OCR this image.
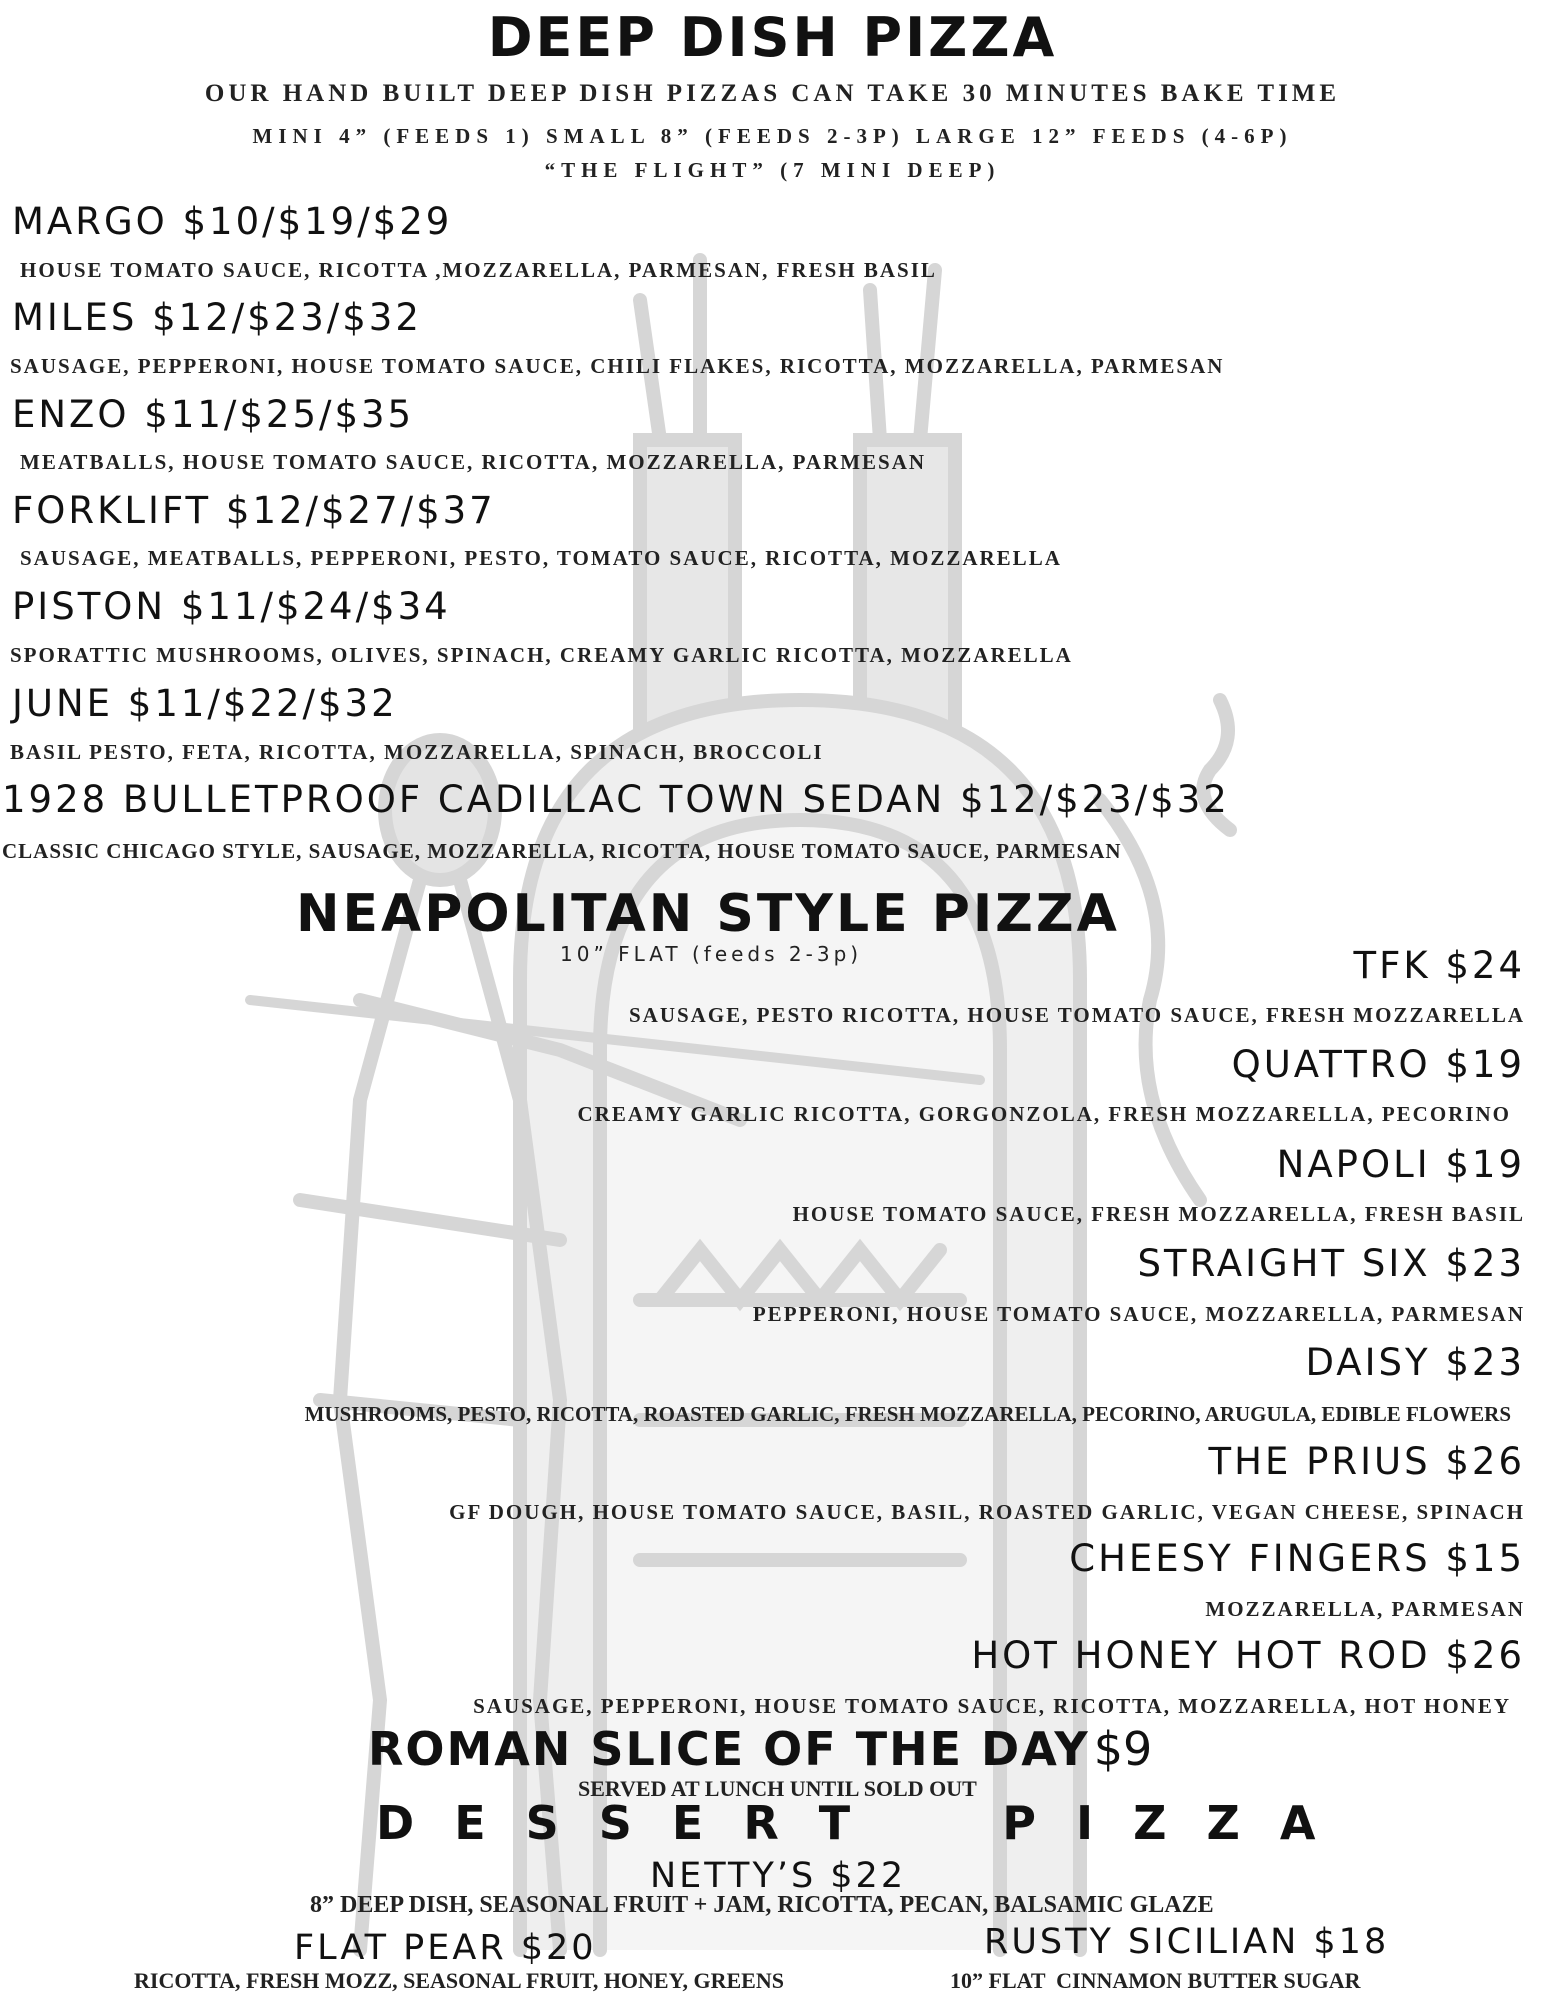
DEEP DISH PIZZA
OUR HAND BUILT DEEP DISH PIZZAS CAN TAKE 30 MINUTES BAKE TIME
MINI 4” (FEEDS 1) SMALL 8” (FEEDS 2-3P) LARGE 12” FEEDS (4-6P)
“THE FLIGHT” (7 MINI DEEP)
MARGO $10/$19/$29
HOUSE TOMATO SAUCE, RICOTTA ,MOZZARELLA, PARMESAN, FRESH BASIL
MILES $12/$23/$32
SAUSAGE, PEPPERONI, HOUSE TOMATO SAUCE, CHILI FLAKES, RICOTTA, MOZZARELLA, PARMESAN
ENZO $11/$25/$35
MEATBALLS, HOUSE TOMATO SAUCE, RICOTTA, MOZZARELLA, PARMESAN
FORKLIFT $12/$27/$37
SAUSAGE, MEATBALLS, PEPPERONI, PESTO, TOMATO SAUCE, RICOTTA, MOZZARELLA
PISTON $11/$24/$34
SPORATTIC MUSHROOMS, OLIVES, SPINACH, CREAMY GARLIC RICOTTA, MOZZARELLA
JUNE $11/$22/$32
BASIL PESTO, FETA, RICOTTA, MOZZARELLA, SPINACH, BROCCOLI
1928 BULLETPROOF CADILLAC TOWN SEDAN $12/$23/$32
CLASSIC CHICAGO STYLE, SAUSAGE, MOZZARELLA, RICOTTA, HOUSE TOMATO SAUCE, PARMESAN
NEAPOLITAN STYLE PIZZA
10” FLAT (feeds 2-3p)	TFK $24
SAUSAGE, PESTO RICOTTA, HOUSE TOMATO SAUCE, FRESH MOZZARELLA
QUATTRO $19
CREAMY GARLIC RICOTTA, GORGONZOLA, FRESH MOZZARELLA, PECORINO
NAPOLI $19
HOUSE TOMATO SAUCE, FRESH MOZZARELLA, FRESH BASIL
STRAIGHT SIX $23
PEPPERONI, HOUSE TOMATO SAUCE, MOZZARELLA, PARMESAN
DAISY $23
MUSHROOMS, PESTO, RICOTTA, ROASTED GARLIC, FRESH MOZZARELLA, PECORINO, ARUGULA, EDIBLE FLOWERS
THE PRIUS $26
GF DOUGH, HOUSE TOMATO SAUCE, BASIL, ROASTED GARLIC, VEGAN CHEESE, SPINACH
CHEESY FINGERS $15
MOZZARELLA, PARMESAN
HOT HONEY HOT ROD $26
SAUSAGE, PEPPERONI, HOUSE TOMATO SAUCE, RICOTTA, MOZZARELLA, HOT HONEY
ROMAN SLICE OF THE DAY $9
SERVED AT LUNCH UNTIL SOLD OUT
D E S S E R T     P I Z Z A
NETTY’S $22
8” DEEP DISH, SEASONAL FRUIT + JAM, RICOTTA, PECAN, BALSAMIC GLAZE
FLAT PEAR $20
RICOTTA, FRESH MOZZ, SEASONAL FRUIT, HONEY, GREENS
RUSTY SICILIAN $18
10” FLAT  CINNAMON BUTTER SUGAR
